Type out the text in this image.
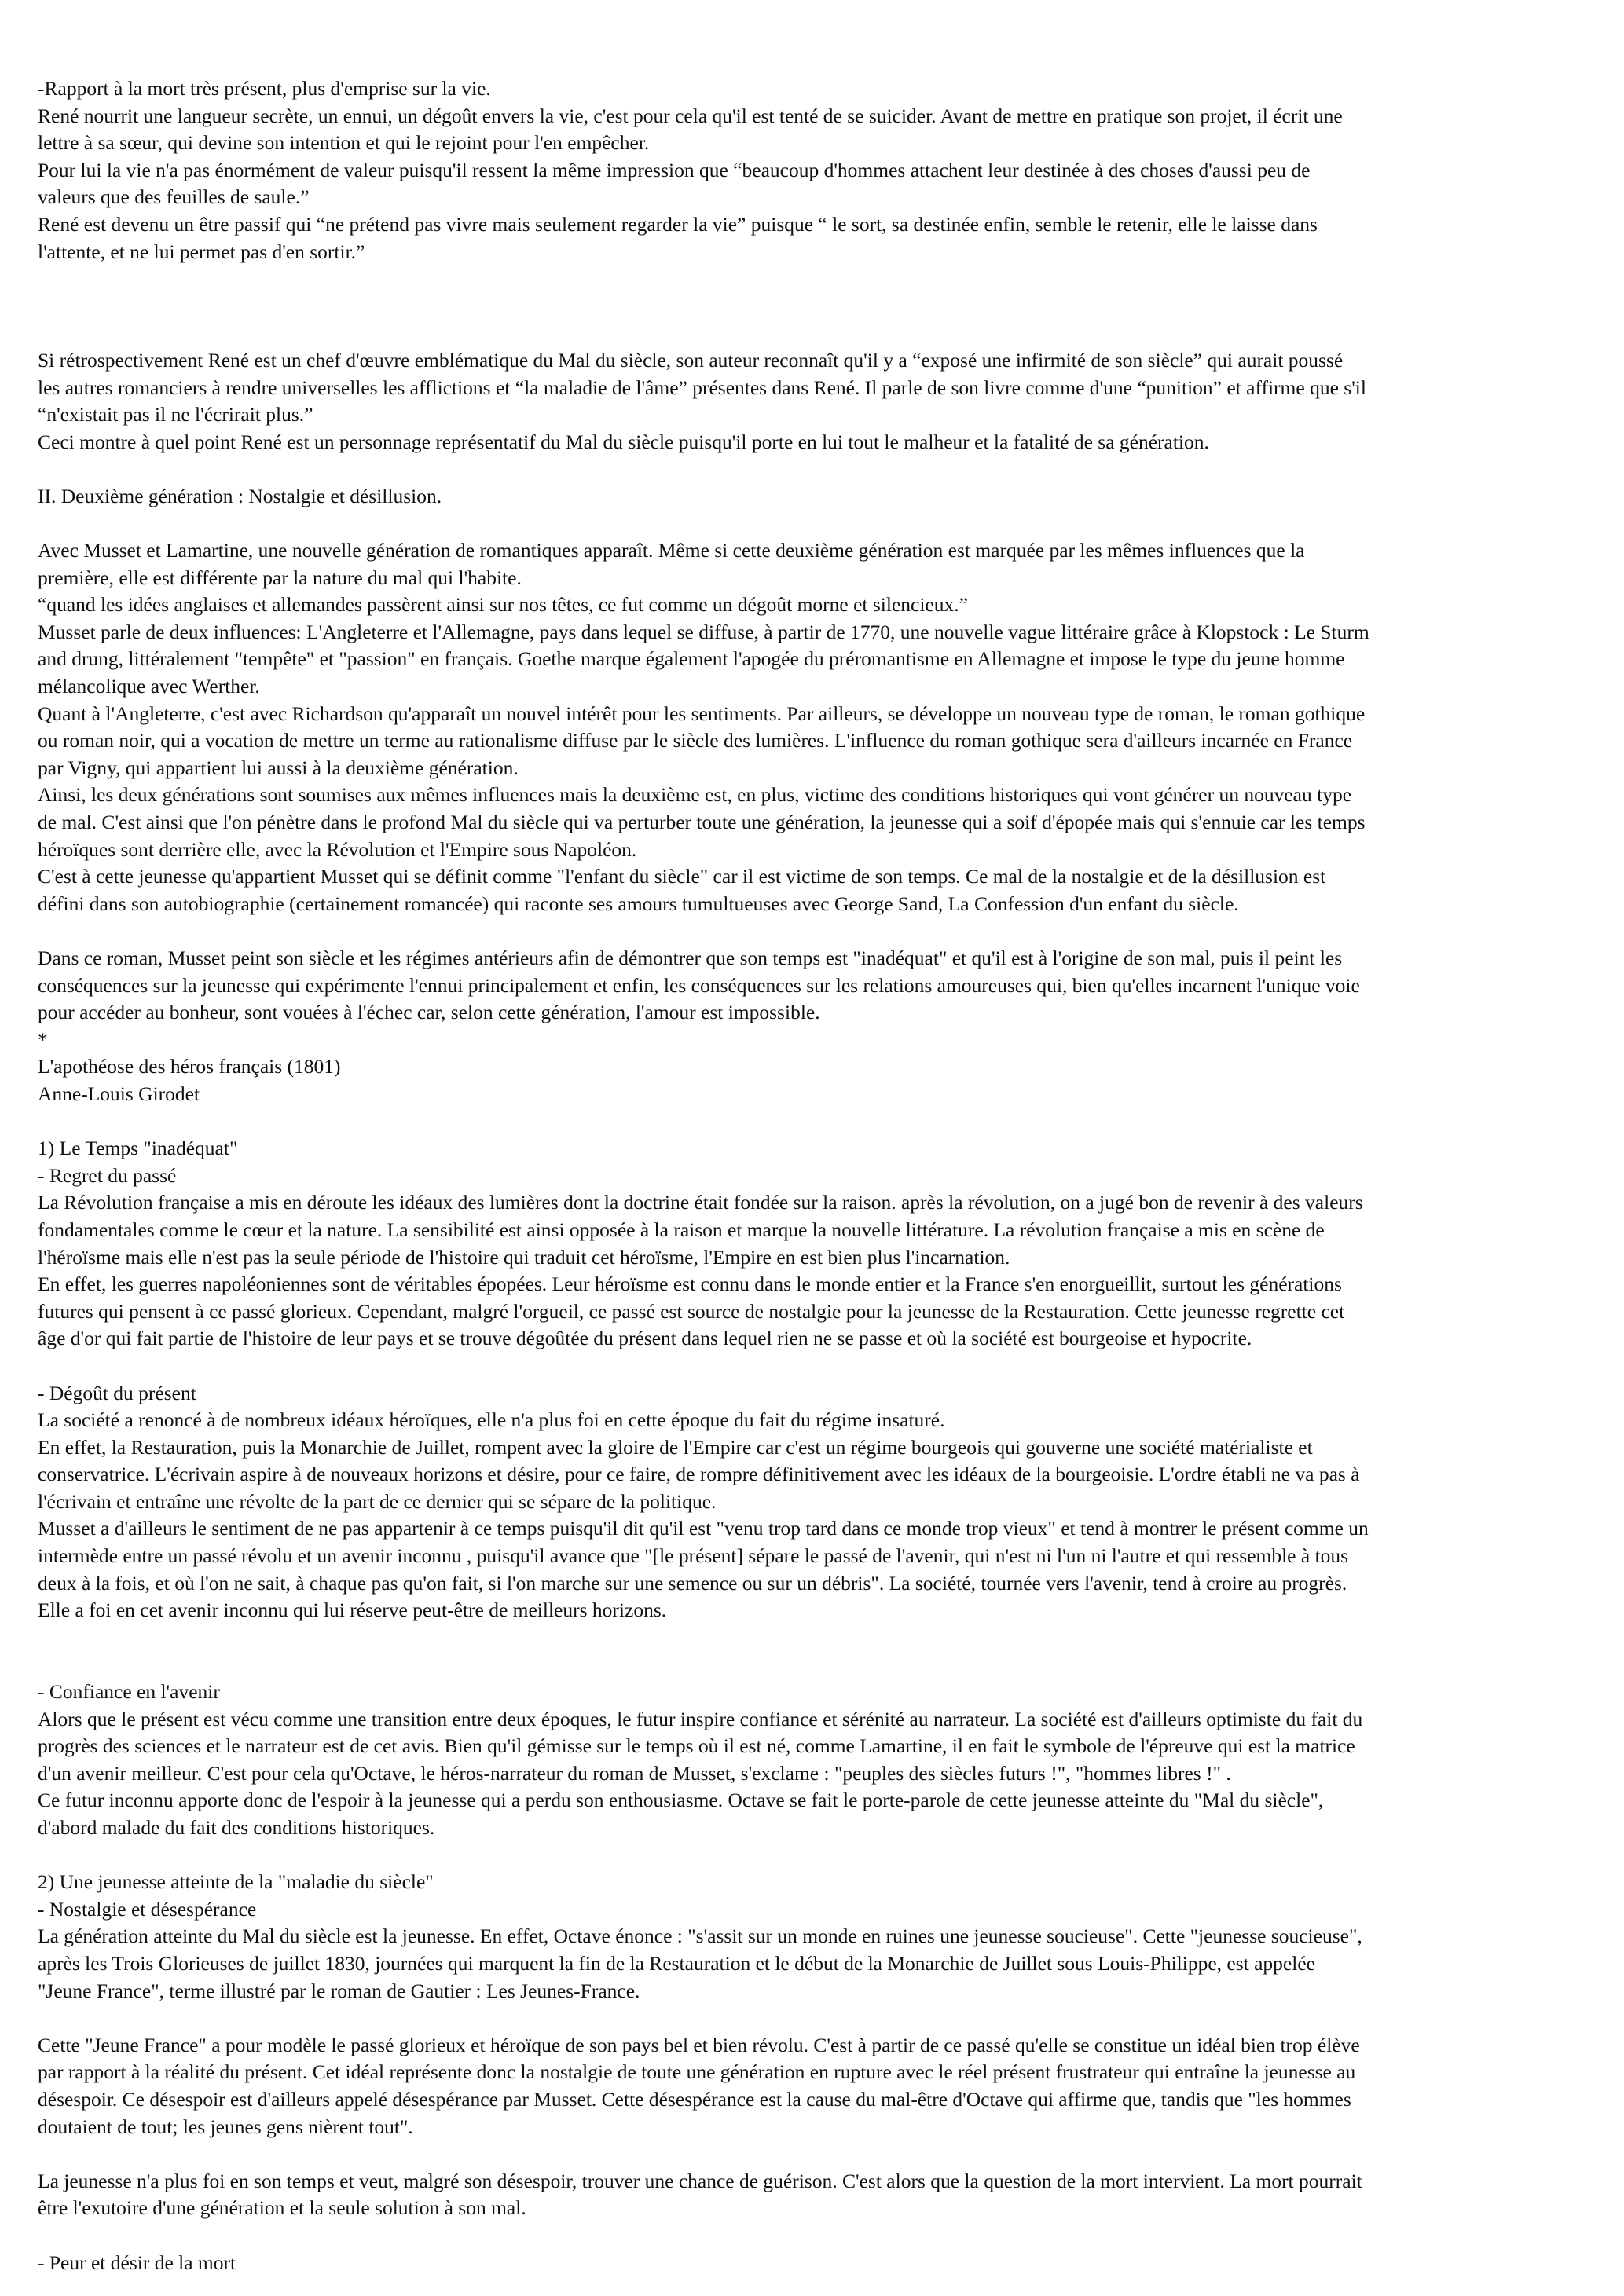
-Rapport à la mort très présent, plus d'emprise sur la vie.
René nourrit une langueur secrète, un ennui, un dégoût envers la vie, c'est pour cela qu'il est tenté de se suicider. Avant de mettre en pratique son projet, il écrit une
lettre à sa sœur, qui devine son intention et qui le rejoint pour l'en empêcher.
Pour lui la vie n'a pas énormément de valeur puisqu'il ressent la même impression que “beaucoup d'hommes attachent leur destinée à des choses d'aussi peu de
valeurs que des feuilles de saule.”
René est devenu un être passif qui “ne prétend pas vivre mais seulement regarder la vie” puisque “ le sort, sa destinée enfin, semble le retenir, elle le laisse dans
l'attente, et ne lui permet pas d'en sortir.”

Si rétrospectivement René est un chef d'œuvre emblématique du Mal du siècle, son auteur reconnaît qu'il y a “exposé une infirmité de son siècle” qui aurait poussé
les autres romanciers à rendre universelles les afflictions et “la maladie de l'âme” présentes dans René. Il parle de son livre comme d'une “punition” et affirme que s'il
“n'existait pas il ne l'écrirait plus.”
Ceci montre à quel point René est un personnage représentatif du Mal du siècle puisqu'il porte en lui tout le malheur et la fatalité de sa génération.

II. Deuxième génération : Nostalgie et désillusion.

Avec Musset et Lamartine, une nouvelle génération de romantiques apparaît. Même si cette deuxième génération est marquée par les mêmes influences que la
première, elle est différente par la nature du mal qui l'habite.
“quand les idées anglaises et allemandes passèrent ainsi sur nos têtes, ce fut comme un dégoût morne et silencieux.”
Musset parle de deux influences: L'Angleterre et l'Allemagne, pays dans lequel se diffuse, à partir de 1770, une nouvelle vague littéraire grâce à Klopstock : Le Sturm
and drung, littéralement "tempête" et "passion" en français. Goethe marque également l'apogée du préromantisme en Allemagne et impose le type du jeune homme
mélancolique avec Werther.
Quant à l'Angleterre, c'est avec Richardson qu'apparaît un nouvel intérêt pour les sentiments. Par ailleurs, se développe un nouveau type de roman, le roman gothique
ou roman noir, qui a vocation de mettre un terme au rationalisme diffuse par le siècle des lumières. L'influence du roman gothique sera d'ailleurs incarnée en France
par Vigny, qui appartient lui aussi à la deuxième génération.
Ainsi, les deux générations sont soumises aux mêmes influences mais la deuxième est, en plus, victime des conditions historiques qui vont générer un nouveau type
de mal. C'est ainsi que l'on pénètre dans le profond Mal du siècle qui va perturber toute une génération, la jeunesse qui a soif d'épopée mais qui s'ennuie car les temps
héroïques sont derrière elle, avec la Révolution et l'Empire sous Napoléon.
C'est à cette jeunesse qu'appartient Musset qui se définit comme "l'enfant du siècle" car il est victime de son temps. Ce mal de la nostalgie et de la désillusion est
défini dans son autobiographie (certainement romancée) qui raconte ses amours tumultueuses avec George Sand, La Confession d'un enfant du siècle.

Dans ce roman, Musset peint son siècle et les régimes antérieurs afin de démontrer que son temps est "inadéquat" et qu'il est à l'origine de son mal, puis il peint les
conséquences sur la jeunesse qui expérimente l'ennui principalement et enfin, les conséquences sur les relations amoureuses qui, bien qu'elles incarnent l'unique voie
pour accéder au bonheur, sont vouées à l'échec car, selon cette génération, l'amour est impossible.
*
L'apothéose des héros français (1801)
Anne-Louis Girodet

1) Le Temps "inadéquat"
- Regret du passé
La Révolution française a mis en déroute les idéaux des lumières dont la doctrine était fondée sur la raison. après la révolution, on a jugé bon de revenir à des valeurs
fondamentales comme le cœur et la nature. La sensibilité est ainsi opposée à la raison et marque la nouvelle littérature. La révolution française a mis en scène de
l'héroïsme mais elle n'est pas la seule période de l'histoire qui traduit cet héroïsme, l'Empire en est bien plus l'incarnation.
En effet, les guerres napoléoniennes sont de véritables épopées. Leur héroïsme est connu dans le monde entier et la France s'en enorgueillit, surtout les générations
futures qui pensent à ce passé glorieux. Cependant, malgré l'orgueil, ce passé est source de nostalgie pour la jeunesse de la Restauration. Cette jeunesse regrette cet
âge d'or qui fait partie de l'histoire de leur pays et se trouve dégoûtée du présent dans lequel rien ne se passe et où la société est bourgeoise et hypocrite.

- Dégoût du présent
La société a renoncé à de nombreux idéaux héroïques, elle n'a plus foi en cette époque du fait du régime insaturé.
En effet, la Restauration, puis la Monarchie de Juillet, rompent avec la gloire de l'Empire car c'est un régime bourgeois qui gouverne une société matérialiste et
conservatrice. L'écrivain aspire à de nouveaux horizons et désire, pour ce faire, de rompre définitivement avec les idéaux de la bourgeoisie. L'ordre établi ne va pas à
l'écrivain et entraîne une révolte de la part de ce dernier qui se sépare de la politique.
Musset a d'ailleurs le sentiment de ne pas appartenir à ce temps puisqu'il dit qu'il est "venu trop tard dans ce monde trop vieux" et tend à montrer le présent comme un
intermède entre un passé révolu et un avenir inconnu , puisqu'il avance que "[le présent] sépare le passé de l'avenir, qui n'est ni l'un ni l'autre et qui ressemble à tous
deux à la fois, et où l'on ne sait, à chaque pas qu'on fait, si l'on marche sur une semence ou sur un débris". La société, tournée vers l'avenir, tend à croire au progrès.
Elle a foi en cet avenir inconnu qui lui réserve peut-être de meilleurs horizons.

- Confiance en l'avenir
Alors que le présent est vécu comme une transition entre deux époques, le futur inspire confiance et sérénité au narrateur. La société est d'ailleurs optimiste du fait du
progrès des sciences et le narrateur est de cet avis. Bien qu'il gémisse sur le temps où il est né, comme Lamartine, il en fait le symbole de l'épreuve qui est la matrice
d'un avenir meilleur. C'est pour cela qu'Octave, le héros-narrateur du roman de Musset, s'exclame : "peuples des siècles futurs !", "hommes libres !" .
Ce futur inconnu apporte donc de l'espoir à la jeunesse qui a perdu son enthousiasme. Octave se fait le porte-parole de cette jeunesse atteinte du "Mal du siècle",
d'abord malade du fait des conditions historiques.

2) Une jeunesse atteinte de la "maladie du siècle"
- Nostalgie et désespérance
La génération atteinte du Mal du siècle est la jeunesse. En effet, Octave énonce : "s'assit sur un monde en ruines une jeunesse soucieuse". Cette "jeunesse soucieuse",
après les Trois Glorieuses de juillet 1830, journées qui marquent la fin de la Restauration et le début de la Monarchie de Juillet sous Louis-Philippe, est appelée
"Jeune France", terme illustré par le roman de Gautier : Les Jeunes-France.

Cette "Jeune France" a pour modèle le passé glorieux et héroïque de son pays bel et bien révolu. C'est à partir de ce passé qu'elle se constitue un idéal bien trop élève
par rapport à la réalité du présent. Cet idéal représente donc la nostalgie de toute une génération en rupture avec le réel présent frustrateur qui entraîne la jeunesse au
désespoir. Ce désespoir est d'ailleurs appelé désespérance par Musset. Cette désespérance est la cause du mal-être d'Octave qui affirme que, tandis que "les hommes
doutaient de tout; les jeunes gens nièrent tout".

La jeunesse n'a plus foi en son temps et veut, malgré son désespoir, trouver une chance de guérison. C'est alors que la question de la mort intervient. La mort pourrait
être l'exutoire d'une génération et la seule solution à son mal.

- Peur et désir de la mort
